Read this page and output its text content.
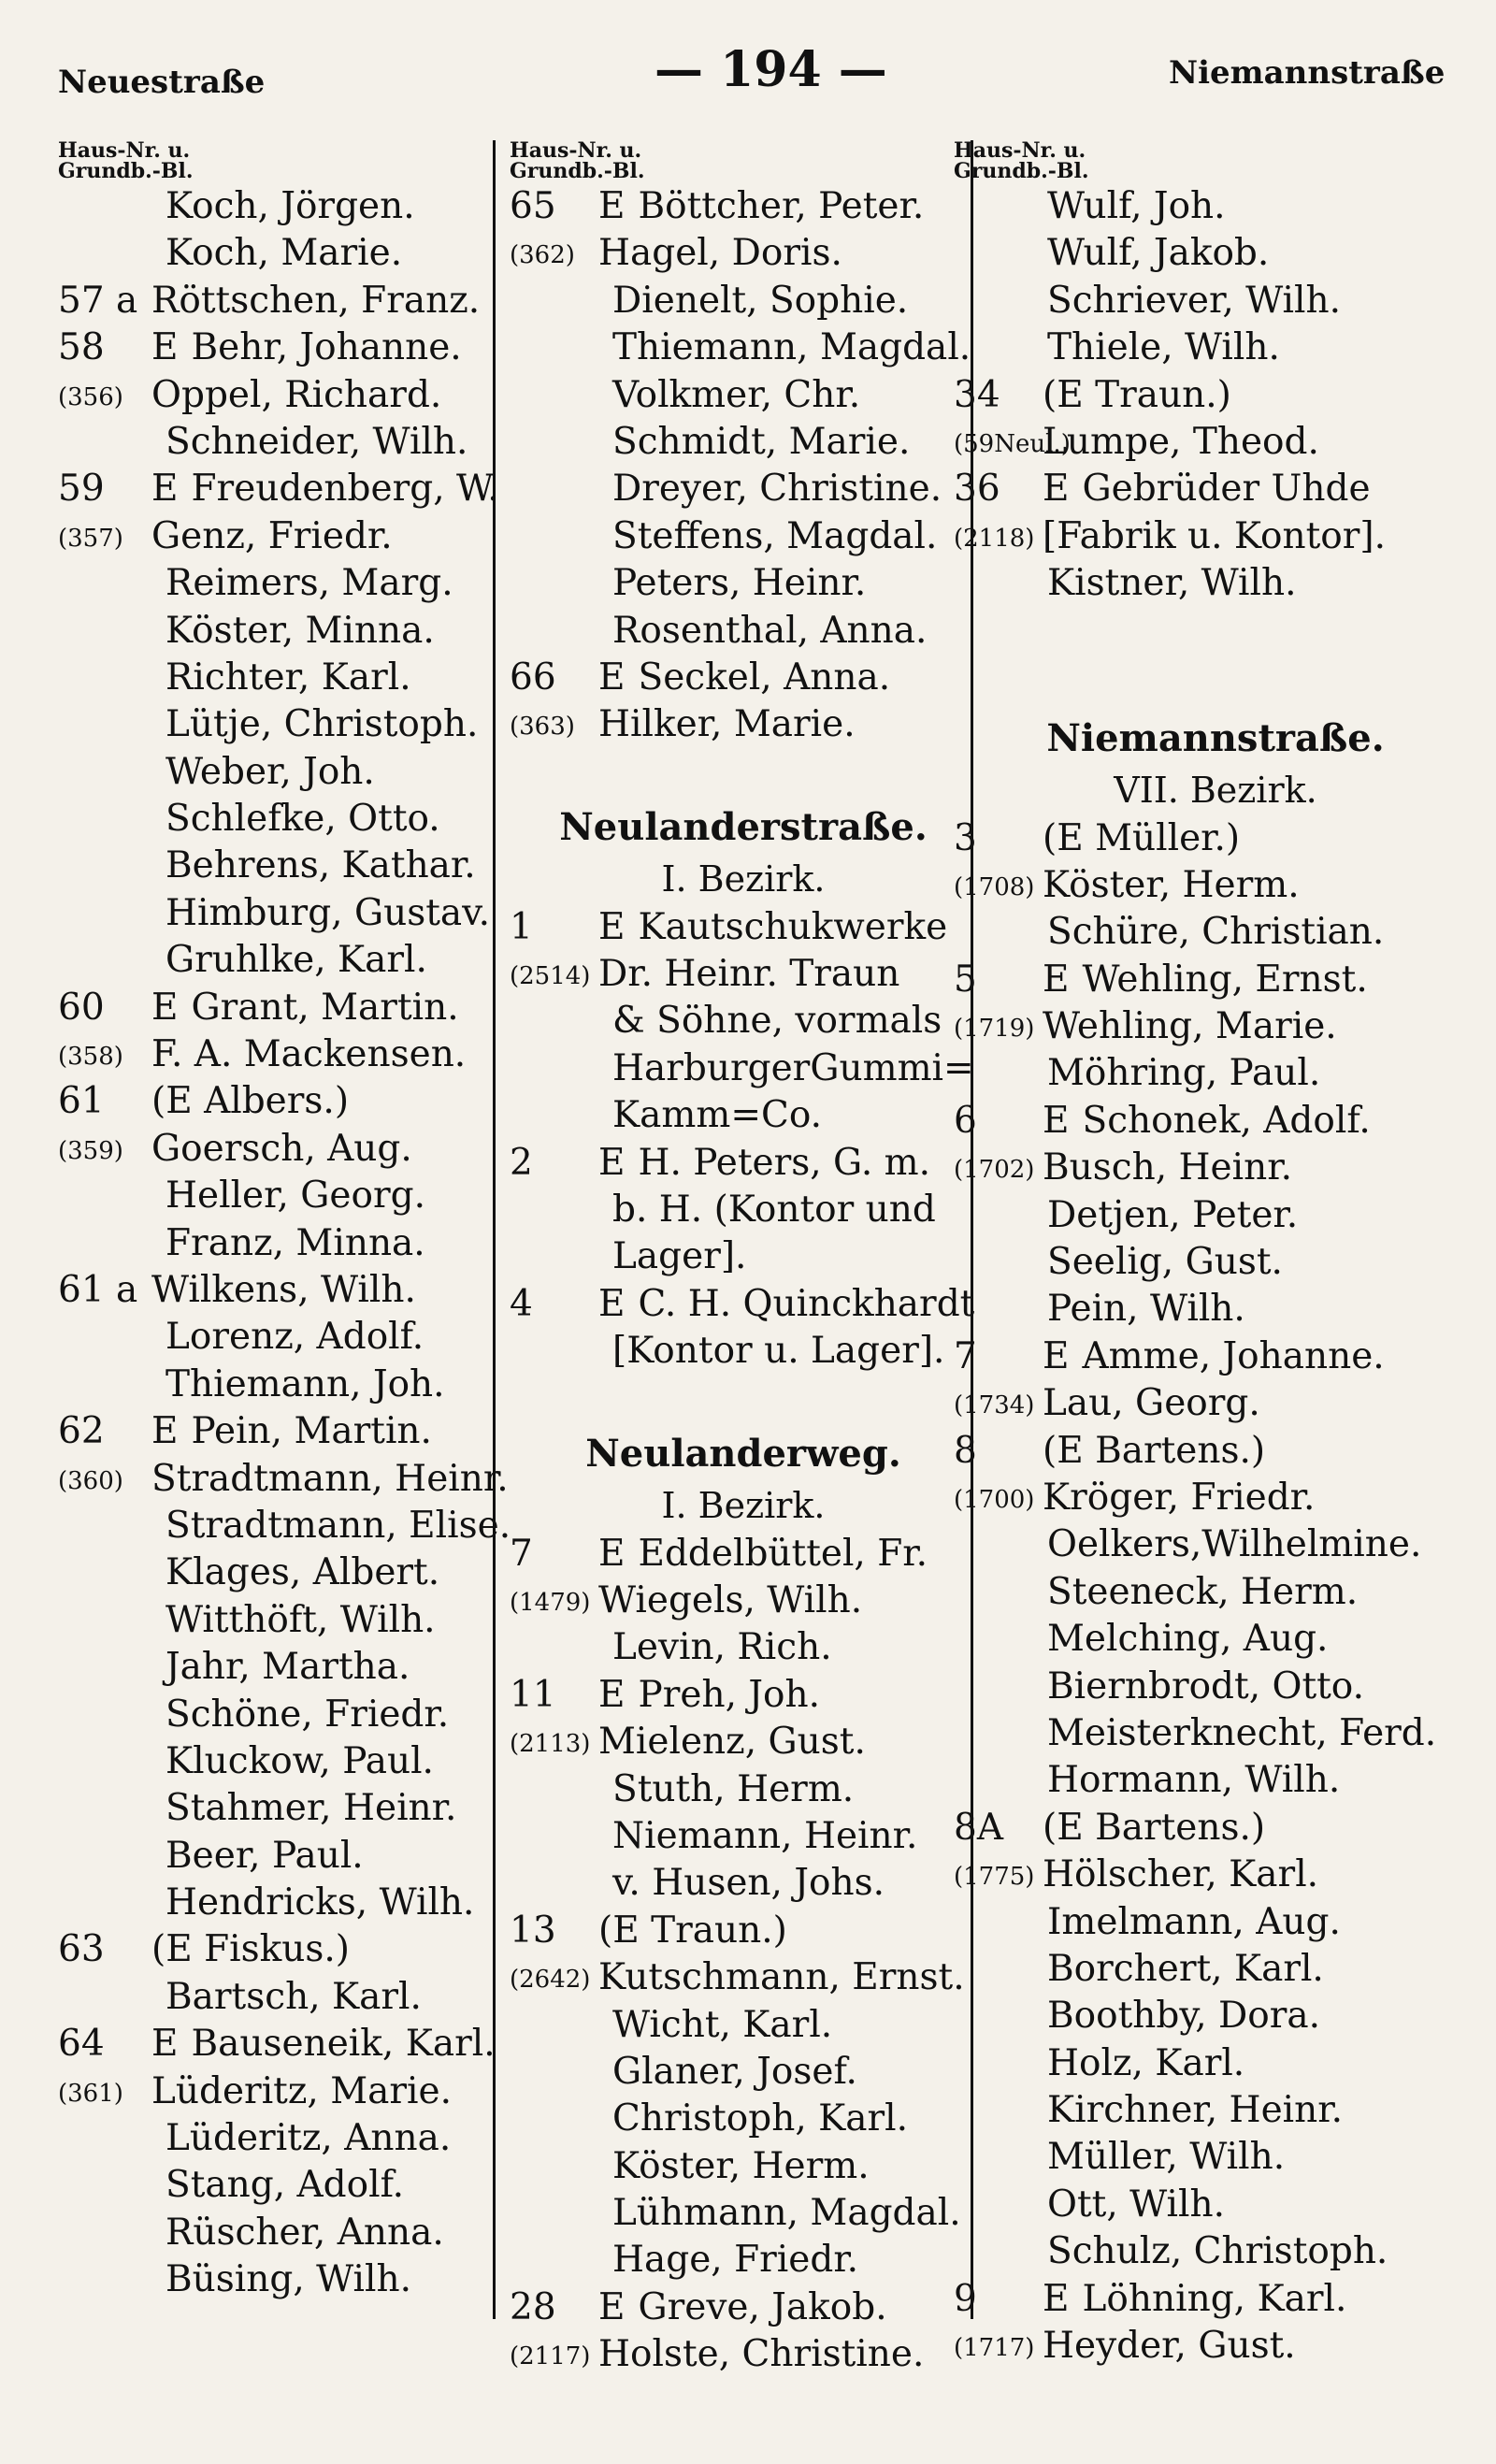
Neuestraße	— 194 —	Niemannstraße
Haus-Nr. u.
Grundb.-Bl.
Koch, Jörgen.
Koch, Marie.
57 a Röttschen, Franz.
58	E Behr, Johanne.
(356) Oppel, Richard.
Schneider, Wilh.
59	E Freudenberg, W.
(357) Genz, Friedr.
Reimers, Marg.
Köster, Minna.
Richter, Karl.
Lütje, Christoph.
Weber, Joh.
Schlefke, Otto.
Behrens, Kathar.
Himburg, Gustav.
Gruhlke, Karl.
60	E Grant, Martin.
(358) F. A. Mackensen.
61	(E Albers.)
(359) Goersch, Aug.
Heller, Georg.
Franz, Minna.
61 a Wilkens, Wilh.
Lorenz, Adolf.
Thiemann, Joh.
62	E Pein, Martin.
(360) Stradtmann, Heinr.
Stradtmann, Elise.
Klages, Albert.
Witthöft, Wilh.
Jahr, Martha.
Schöne, Friedr.
Kluckow, Paul.
Stahmer, Heinr.
Beer, Paul.
Hendricks, Wilh.
63	(E Fiskus.)
Bartsch, Karl.
64	E Bauseneik, Karl.
(361) Lüderitz, Marie.
Lüderitz, Anna.
Stang, Adolf.
Rüscher, Anna.
Büsing, Wilh.
Haus-Nr. u.
Grundb.-Bl.
65	E Böttcher, Peter.
(362) Hagel, Doris.
Dienelt, Sophie.
Thiemann, Magdal.
Volkmer, Chr.
Schmidt, Marie.
Dreyer, Christine.
Steffens, Magdal.
Peters, Heinr.
Rosenthal, Anna.
66	E Seckel, Anna.
(363) Hilker, Marie.
Neulanderstraße.
I. Bezirk.
1	E Kautschukwerke
(2514) Dr. Heinr. Traun
& Söhne, vormals
HarburgerGummi=
Kamm=Co.
2	E H. Peters, G. m.
b. H. (Kontor und
Lager].
4	E C. H. Quinckhardt
[Kontor u. Lager].
Neulanderweg.
I. Bezirk.
7	E Eddelbüttel, Fr.
(1479) Wiegels, Wilh.
Levin, Rich.
11	E Preh, Joh.
(2113) Mielenz, Gust.
Stuth, Herm.
Niemann, Heinr.
v. Husen, Johs.
13	(E Traun.)
(2642) Kutschmann, Ernst.
Wicht, Karl.
Glaner, Josef.
Christoph, Karl.
Köster, Herm.
Lühmann, Magdal.
Hage, Friedr.
28	E Greve, Jakob.
(2117) Holste, Christine.
Haus-Nr. u.
Grundb.-Bl.
Wulf, Joh.
Wulf, Jakob.
Schriever, Wilh.
Thiele, Wilh.
34	(E Traun.)
(59Neul.)
Lumpe, Theod.
36	E Gebrüder Uhde
(2118) [Fabrik u. Kontor].
Kistner, Wilh.
Niemannstraße.
VII. Bezirk.
3	(E Müller.)
(1708) Köster, Herm.
Schüre, Christian.
5	E Wehling, Ernst.
(1719) Wehling, Marie.
Möhring, Paul.
6	E Schonek, Adolf.
(1702) Busch, Heinr.
Detjen, Peter.
Seelig, Gust.
Pein, Wilh.
7	E Amme, Johanne.
(1734) Lau, Georg.
8	(E Bartens.)
(1700) Kröger, Friedr.
Oelkers,Wilhelmine.
Steeneck, Herm.
Melching, Aug.
Biernbrodt, Otto.
Meisterknecht, Ferd.
Hormann, Wilh.
8A	(E Bartens.)
(1775) Hölscher, Karl.
Imelmann, Aug.
Borchert, Karl.
Boothby, Dora.
Holz, Karl.
Kirchner, Heinr.
Müller, Wilh.
Ott, Wilh.
Schulz, Christoph.
9	E Löhning, Karl.
(1717) Heyder, Gust.
